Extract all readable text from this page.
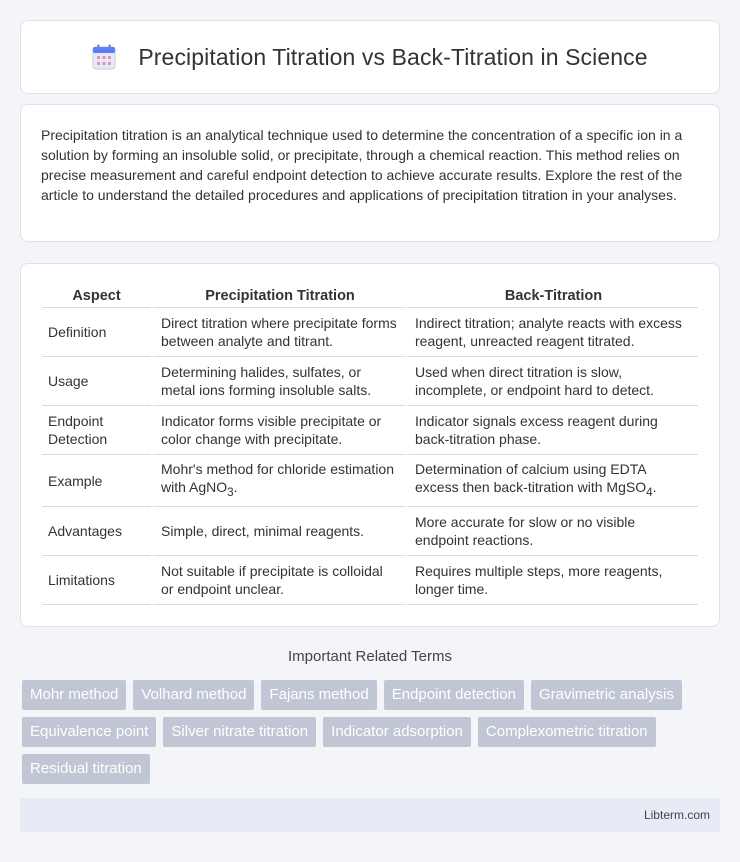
Precipitation Titration vs Back-Titration in Science

Precipitation titration is an analytical technique used to determine the concentration of a specific ion in a solution by forming an insoluble solid, or precipitate, through a chemical reaction. This method relies on precise measurement and careful endpoint detection to achieve accurate results. Explore the rest of the article to understand the detailed procedures and applications of precipitation titration in your analyses.

Aspect	Precipitation Titration	Back-Titration
Definition	Direct titration where precipitate forms between analyte and titrant.	Indirect titration; analyte reacts with excess reagent, unreacted reagent titrated.
Usage	Determining halides, sulfates, or metal ions forming insoluble salts.	Used when direct titration is slow, incomplete, or endpoint hard to detect.
Endpoint Detection	Indicator forms visible precipitate or color change with precipitate.	Indicator signals excess reagent during back-titration phase.
Example	Mohr's method for chloride estimation with AgNO$_3$.	Determination of calcium using EDTA excess then back-titration with MgSO$_4$.
Advantages	Simple, direct, minimal reagents.	More accurate for slow or no visible endpoint reactions.
Limitations	Not suitable if precipitate is colloidal or endpoint unclear.	Requires multiple steps, more reagents, longer time.
Important Related Terms
Mohr method	Volhard method	Fajans method	Endpoint detection	Gravimetric analysis
Equivalence point	Silver nitrate titration	Indicator adsorption	Complexometric titration
Residual titration
Libterm.com
